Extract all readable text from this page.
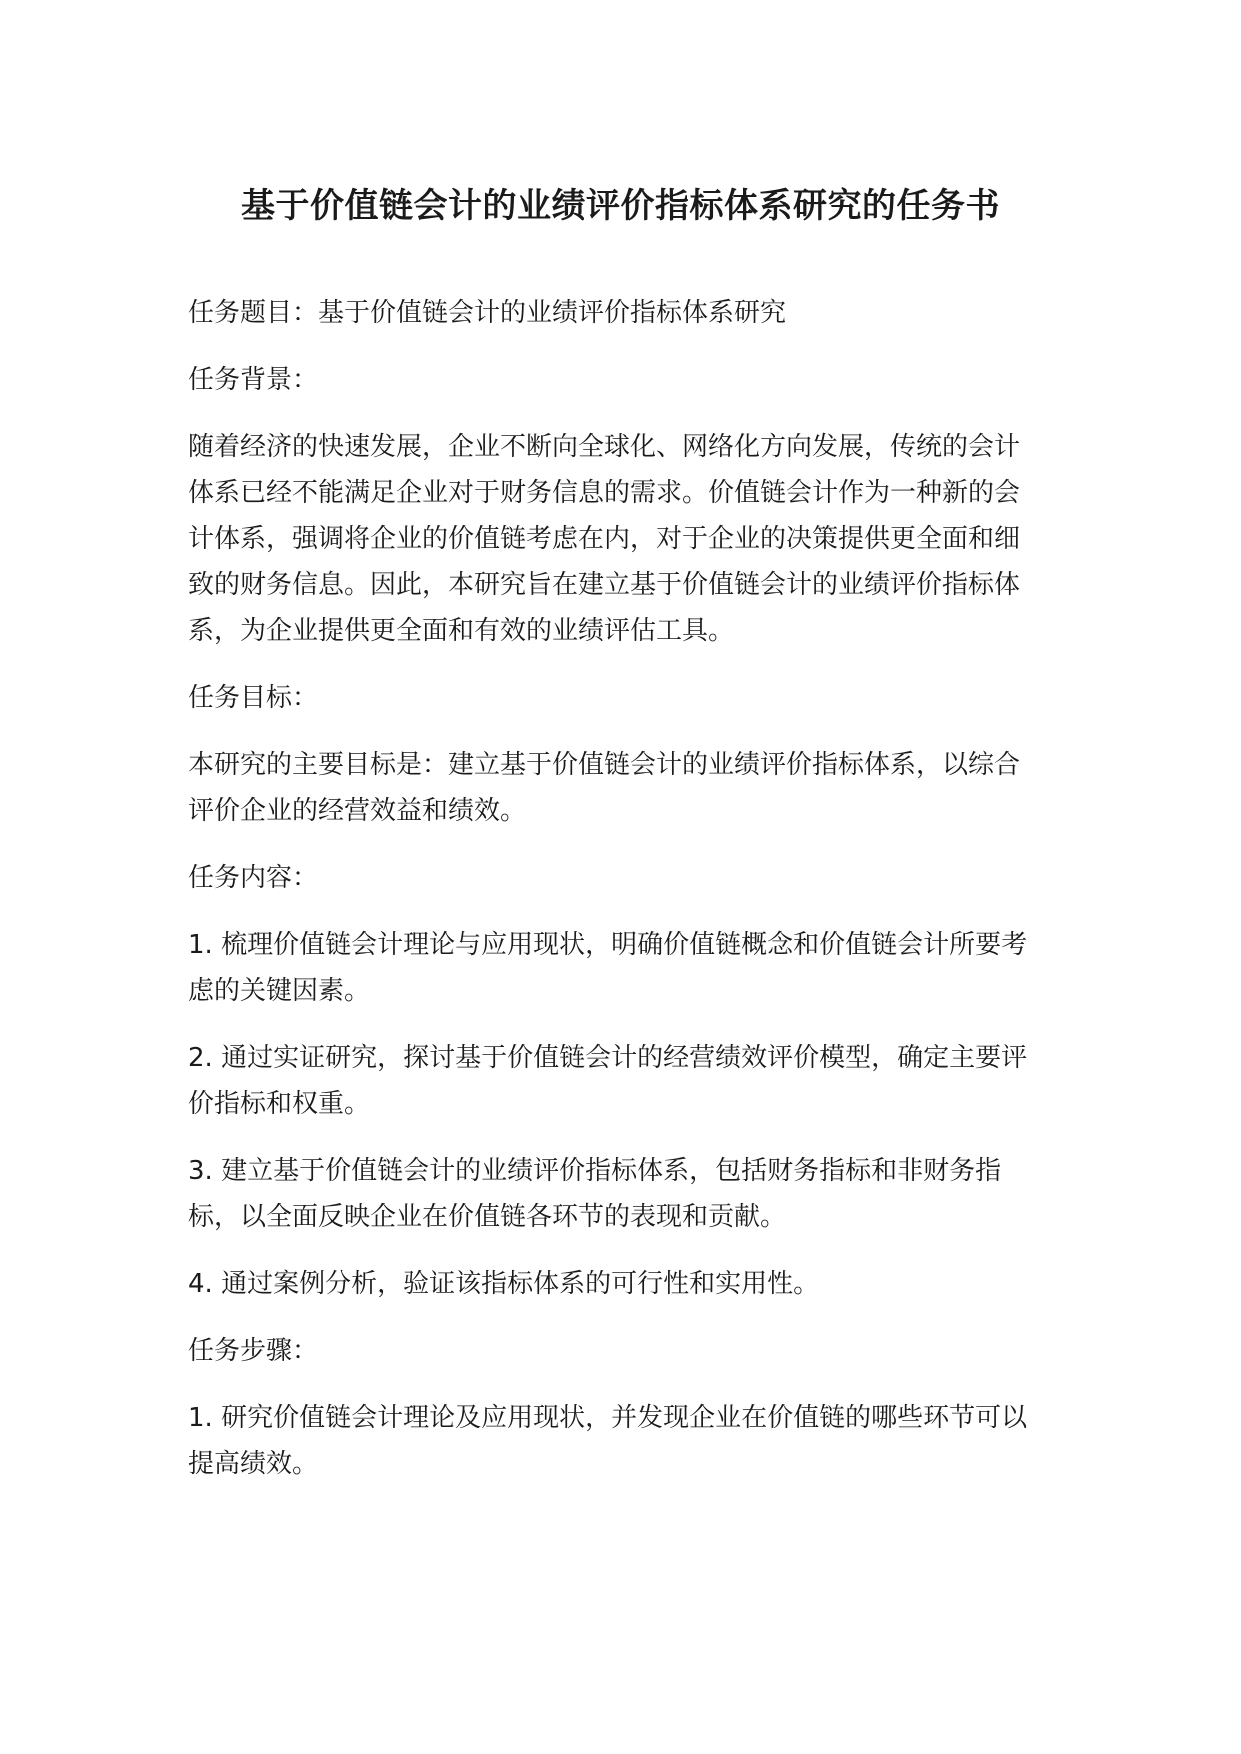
基于价值链会计的业绩评价指标体系研究的任务书

任务题目：基于价值链会计的业绩评价指标体系研究

任务背景：

随着经济的快速发展，企业不断向全球化、网络化方向发展，传统的会计体系已经不能满足企业对于财务信息的需求。价值链会计作为一种新的会计体系，强调将企业的价值链考虑在内，对于企业的决策提供更全面和细致的财务信息。因此，本研究旨在建立基于价值链会计的业绩评价指标体系，为企业提供更全面和有效的业绩评估工具。

任务目标：

本研究的主要目标是：建立基于价值链会计的业绩评价指标体系，以综合评价企业的经营效益和绩效。

任务内容：

1. 梳理价值链会计理论与应用现状，明确价值链概念和价值链会计所要考虑的关键因素。

2. 通过实证研究，探讨基于价值链会计的经营绩效评价模型，确定主要评价指标和权重。

3. 建立基于价值链会计的业绩评价指标体系，包括财务指标和非财务指标，以全面反映企业在价值链各环节的表现和贡献。

4. 通过案例分析，验证该指标体系的可行性和实用性。

任务步骤：

1. 研究价值链会计理论及应用现状，并发现企业在价值链的哪些环节可以提高绩效。
